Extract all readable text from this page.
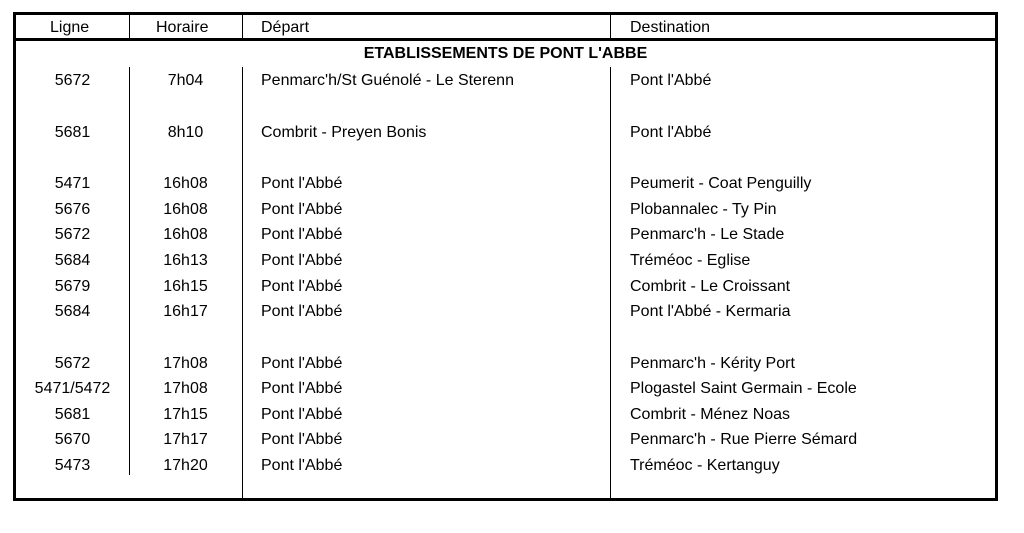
Ligne	Horaire	Départ	Destination
ETABLISSEMENTS DE PONT L'ABBE
5672	7h04	Penmarc'h/St Guénolé - Le Sterenn	Pont l'Abbé
5681	8h10	Combrit - Preyen Bonis	Pont l'Abbé
5471	16h08	Pont l'Abbé	Peumerit - Coat Penguilly
5676	16h08	Pont l'Abbé	Plobannalec - Ty Pin
5672	16h08	Pont l'Abbé	Penmarc'h - Le Stade
5684	16h13	Pont l'Abbé	Tréméoc - Eglise
5679	16h15	Pont l'Abbé	Combrit - Le Croissant
5684	16h17	Pont l'Abbé	Pont l'Abbé - Kermaria
5672	17h08	Pont l'Abbé	Penmarc'h - Kérity Port
5471/5472	17h08	Pont l'Abbé	Plogastel Saint Germain - Ecole
5681	17h15	Pont l'Abbé	Combrit - Ménez Noas
5670	17h17	Pont l'Abbé	Penmarc'h - Rue Pierre Sémard
5473	17h20	Pont l'Abbé	Tréméoc - Kertanguy
